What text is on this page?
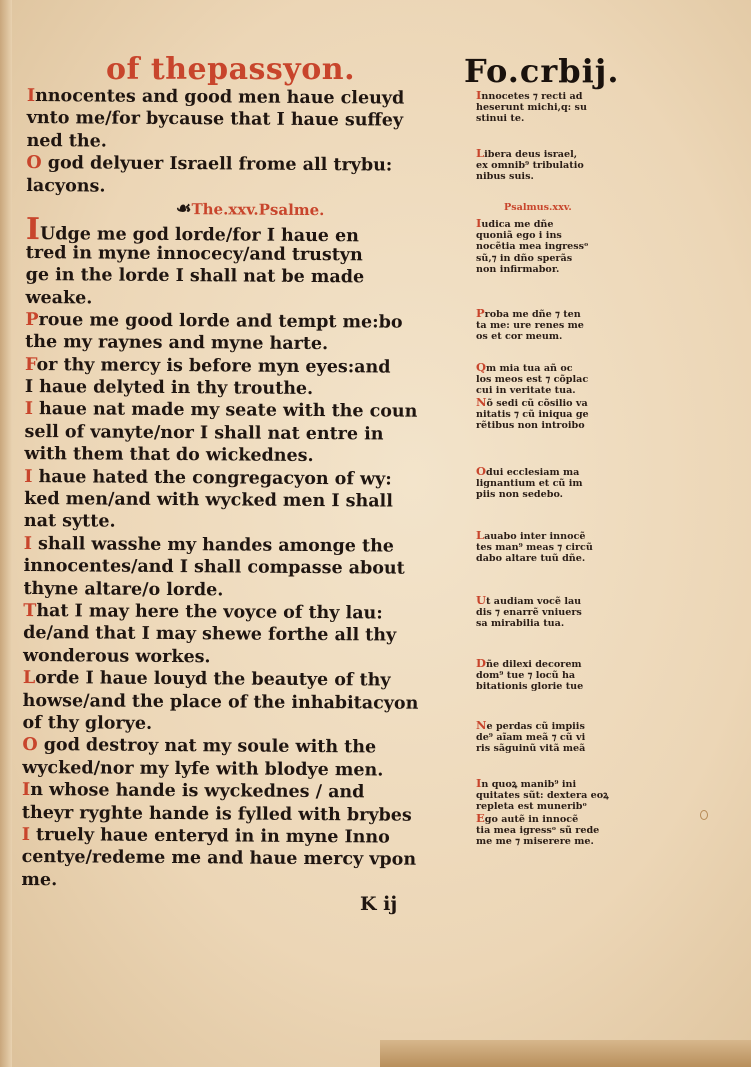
of thepassyon.	Fo.crbij.
Innocentes and good men haue cleuyd
vnto me/for bycause that I haue suffey
ned the.
O god delyuer Israell frome all trybu:
lacyons.
☙The.xxv.Psalme.
IUdge me god lorde/for I haue en
tred in myne innocecy/and trustyn
ge in the lorde I shall nat be made
weake.
Proue me good lorde and tempt me:bo
the my raynes and myne harte.
For thy mercy is before myn eyes:and
I haue delyted in thy trouthe.
I haue nat made my seate with the coun
sell of vanyte/nor I shall nat entre in
with them that do wickednes.
I haue hated the congregacyon of wy:
ked men/and with wycked men I shall
nat sytte.
I shall wasshe my handes amonge the
innocentes/and I shall compasse about
thyne altare/o lorde.
That I may here the voyce of thy lau:
de/and that I may shewe forthe all thy
wonderous workes.
Lorde I haue louyd the beautye of thy
howse/and the place of the inhabitacyon
of thy glorye.
O god destroy nat my soule with the
wycked/nor my lyfe with blodye men.
In whose hande is wyckednes / and
theyr ryghte hande is fylled with brybes
I truely haue enteryd in in myne Inno
centye/redeme me and haue mercy vpon
me.
Innocetes ⁊ recti ad
heserunt michi,q: su
stinui te.
Libera deus israel,
ex omnib⁹ tribulatio
nibus suis.
Psalmus.xxv.
Iudica me dñe
quoniã ego i ins
nocẽtia mea ingressᵒ
sũ,⁊ in dño sperãs
non infirmabor.
Proba me dñe ⁊ ten
ta me: ure renes me
os et cor meum.
Qm mia tua añ oc
los meos est ⁊ cõplac
cui in veritate tua.
Nõ sedi cũ cõsilio va
nitatis ⁊ cũ iniqua ge
rẽtibus non introibo
Odui ecclesiam ma
lignantium et cũ im
piis non sedebo.
Lauabo inter innocẽ
tes man⁹ meas ⁊ circũ
dabo altare tuũ dñe.
Ut audiam vocẽ lau
dis ⁊ enarrẽ vniuers
sa mirabilia tua.
Dñe dilexi decorem
dom⁹ tue ⁊ locũ ha
bitationis glorie tue
Ne perdas cũ impiis
de⁹ aĩam meã ⁊ cũ vi
ris sãguinũ vitã meã
In quoꝝ manib⁹ ini
quitates sũt: dextera eoꝝ
repleta est muneribᵒ
Ego autẽ in innocẽ
tia mea igressᵒ sũ rede
me me ⁊ miserere me.
K ij
